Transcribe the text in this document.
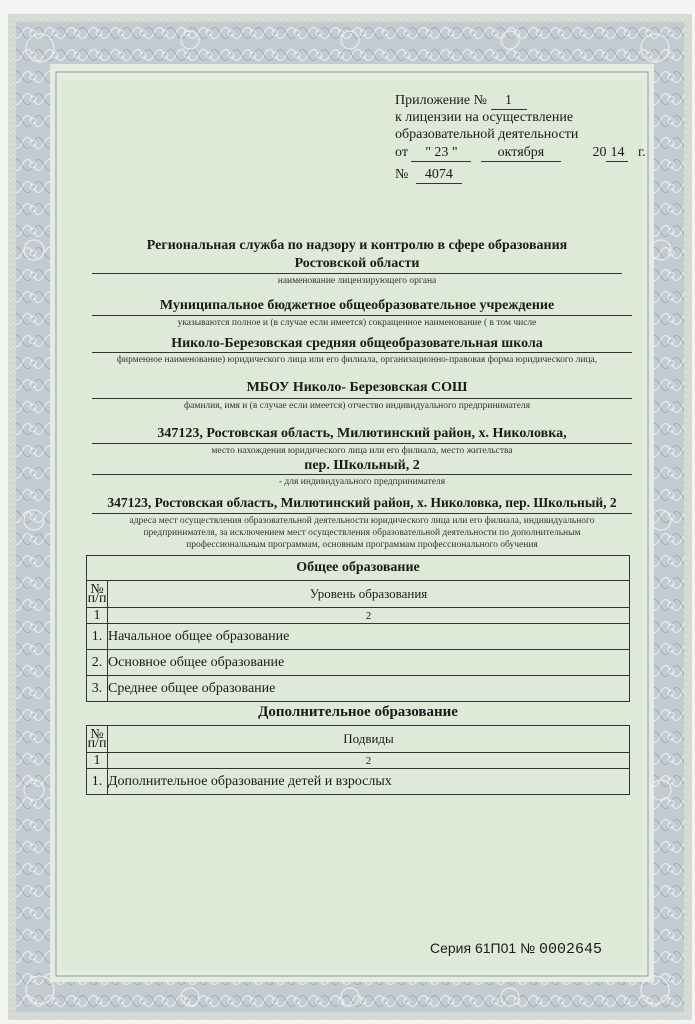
Приложение № 1
к лицензии на осуществление
образовательной деятельности
от " 23 "	октября	20 14 г.
№ 4074
Региональная служба по надзору и контролю в сфере образования
Ростовской области
наименование лицензирующего органа
Муниципальное бюджетное общеобразовательное учреждение
указываются полное и (в случае если имеется) сокращенное наименование ( в том числе
Николо-Березовская средняя общеобразовательная школа
фирменное наименование) юридического лица или его филиала, организационно-правовая форма юридического лица,
МБОУ Николо- Березовская СОШ
фамилия, имя и (в случае если имеется) отчество индивидуального предпринимателя
347123, Ростовская область, Милютинский район, х. Николовка,
место нахождения юридического лица или его филиала, место жительства
пер. Школьный, 2
- для индивидуального предпринимателя
347123, Ростовская область, Милютинский район, х. Николовка, пер. Школьный, 2
адреса мест осуществления образовательной деятельности юридического лица или его филиала, индивидуального
предпринимателя, за исключением мест осуществления образовательной деятельности по дополнительным
профессиональным программам, основным программам профессионального обучения
Общее образование	
№ п/п	Уровень образования
1	2
1.	Начальное общее образование
2.	Основное общее образование
3.	Среднее общее образование
Дополнительное образование
№ п/п	Подвиды
1	2
1.	Дополнительное образование детей и взрослых
Серия 61П01 № 0002645
